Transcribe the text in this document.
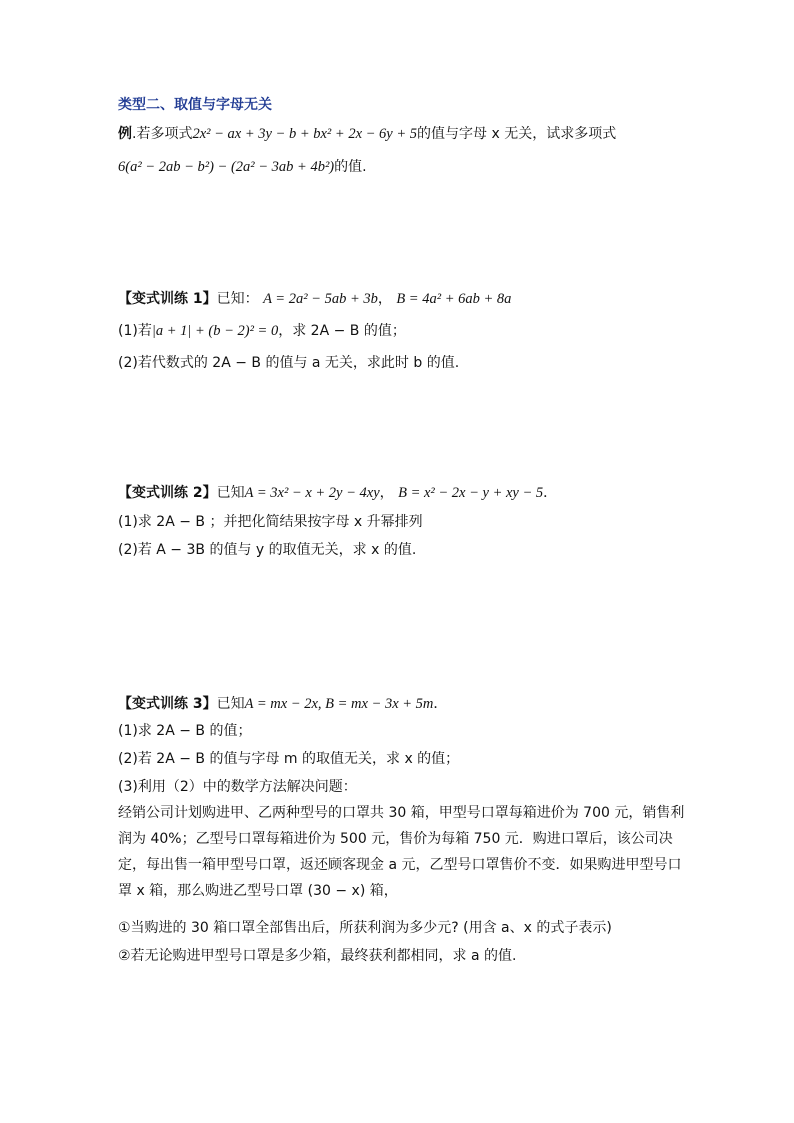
类型二、取值与字母无关
例.若多项式2x² − ax + 3y − b + bx² + 2x − 6y + 5的值与字母 x 无关，试求多项式
6(a² − 2ab − b²) − (2a² − 3ab + 4b²)的值.
【变式训练 1】已知： A = 2a² − 5ab + 3b， B = 4a² + 6ab + 8a
(1)若|a + 1| + (b − 2)² = 0，求 2A − B 的值；
(2)若代数式的 2A − B 的值与 a 无关，求此时 b 的值.
【变式训练 2】已知A = 3x² − x + 2y − 4xy， B = x² − 2x − y + xy − 5．
(1)求 2A − B ；并把化简结果按字母 x 升幂排列
(2)若 A − 3B 的值与 y 的取值无关，求 x 的值.
【变式训练 3】已知A = mx − 2x, B = mx − 3x + 5m．
(1)求 2A − B 的值；
(2)若 2A − B 的值与字母 m 的取值无关，求 x 的值；
(3)利用（2）中的数学方法解决问题：
经销公司计划购进甲、乙两种型号的口罩共 30 箱，甲型号口罩每箱进价为 700 元，销售利润为 40%；乙型号口罩每箱进价为 500 元，售价为每箱 750 元．购进口罩后，该公司决定，每出售一箱甲型号口罩，返还顾客现金 a 元，乙型号口罩售价不变．如果购进甲型号口罩 x 箱，那么购进乙型号口罩 (30 − x) 箱，
①当购进的 30 箱口罩全部售出后，所获利润为多少元? (用含 a、x 的式子表示)
②若无论购进甲型号口罩是多少箱，最终获利都相同，求 a 的值.
